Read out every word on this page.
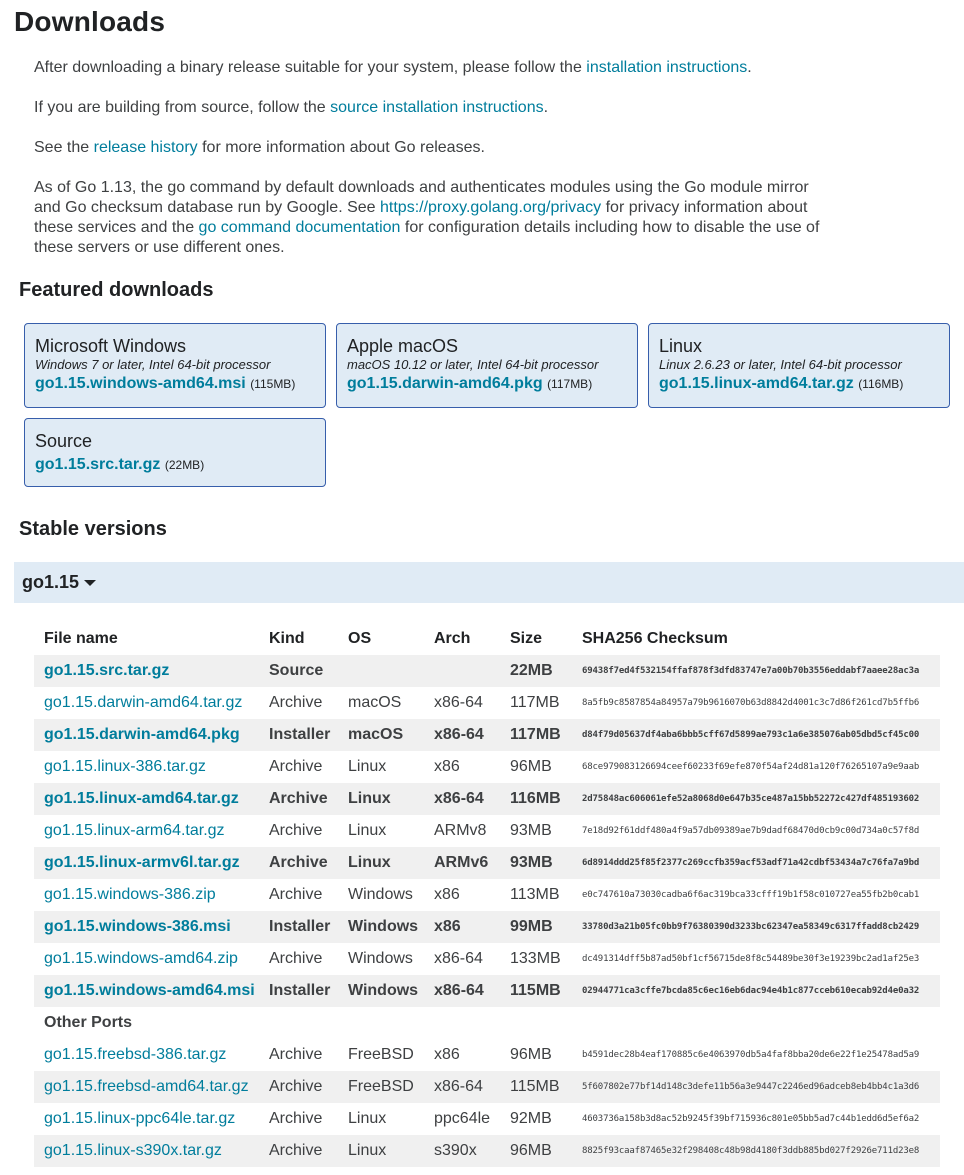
Downloads

After downloading a binary release suitable for your system, please follow the installation instructions.

If you are building from source, follow the source installation instructions.

See the release history for more information about Go releases.

As of Go 1.13, the go command by default downloads and authenticates modules using the Go module mirror and Go checksum database run by Google. See https://proxy.golang.org/privacy for privacy information about these services and the go command documentation for configuration details including how to disable the use of these servers or use different ones.

Featured downloads
Microsoft Windows
Windows 7 or later, Intel 64-bit processor
go1.15.windows-amd64.msi (115MB)
Apple macOS
macOS 10.12 or later, Intel 64-bit processor
go1.15.darwin-amd64.pkg (117MB)
Linux
Linux 2.6.23 or later, Intel 64-bit processor
go1.15.linux-amd64.tar.gz (116MB)
Source
go1.15.src.tar.gz (22MB)
Stable versions
go1.15
File name	Kind	OS	Arch Size SHA256 Checksum
go1.15.src.tar.gz	Source	22MB	69438f7ed4f532154ffaf878f3dfd83747e7a00b70b3556eddabf7aaee28ac3a
go1.15.darwin-amd64.tar.gz Archive macOS x86-64 117MB 8a5fb9c8587854a84957a79b9616070b63d8842d4001c3c7d86f261cd7b5ffb6
go1.15.darwin-amd64.pkg Installer macOS x86-64 117MB d84f79d05637df4aba6bbb5cff67d5899ae793c1a6e385076ab05dbd5cf45c00
go1.15.linux-386.tar.gz	Archive Linux	x86	96MB	68ce979083126694ceef60233f69efe870f54af24d81a120f76265107a9e9aab
go1.15.linux-amd64.tar.gz Archive Linux	x86-64 116MB 2d75848ac606061efe52a8068d0e647b35ce487a15bb52272c427df485193602
go1.15.linux-arm64.tar.gz	Archive Linux	ARMv8 93MB	7e18d92f61ddf480a4f9a57db09389ae7b9dadf68470d0cb9c00d734a0c57f8d
go1.15.linux-armv6l.tar.gz Archive Linux	ARMv6 93MB	6d8914ddd25f85f2377c269ccfb359acf53adf71a42cdbf53434a7c76fa7a9bd
go1.15.windows-386.zip	Archive Windows x86	113MB e0c747610a73030cadba6f6ac319bca33cfff19b1f58c010727ea55fb2b0cab1
go1.15.windows-386.msi Installer Windows x86	99MB	33780d3a21b05fc0bb9f76380390d3233bc62347ea58349c6317ffadd8cb2429
go1.15.windows-amd64.zip Archive Windows x86-64 133MB dc491314dff5b87ad50bf1cf56715de8f8c54489be30f3e19239bc2ad1af25e3
go1.15.windows-amd64.msi Installer Windows x86-64 115MB 02944771ca3cffe7bcda85c6ec16eb6dac94e4b1c877cceb610ecab92d4e0a32
Other Ports
go1.15.freebsd-386.tar.gz	Archive FreeBSD x86	96MB	b4591dec28b4eaf170885c6e4063970db5a4faf8bba20de6e22f1e25478ad5a9
go1.15.freebsd-amd64.tar.gz Archive FreeBSD x86-64 115MB 5f607802e77bf14d148c3defe11b56a3e9447c2246ed96adceb8eb4bb4c1a3d6
go1.15.linux-ppc64le.tar.gz Archive Linux	ppc64le 92MB	4603736a158b3d8ac52b9245f39bf715936c801e05bb5ad7c44b1edd6d5ef6a2
go1.15.linux-s390x.tar.gz	Archive Linux	s390x 96MB	8825f93caaf87465e32f298408c48b98d4180f3ddb885bd027f2926e711d23e8
